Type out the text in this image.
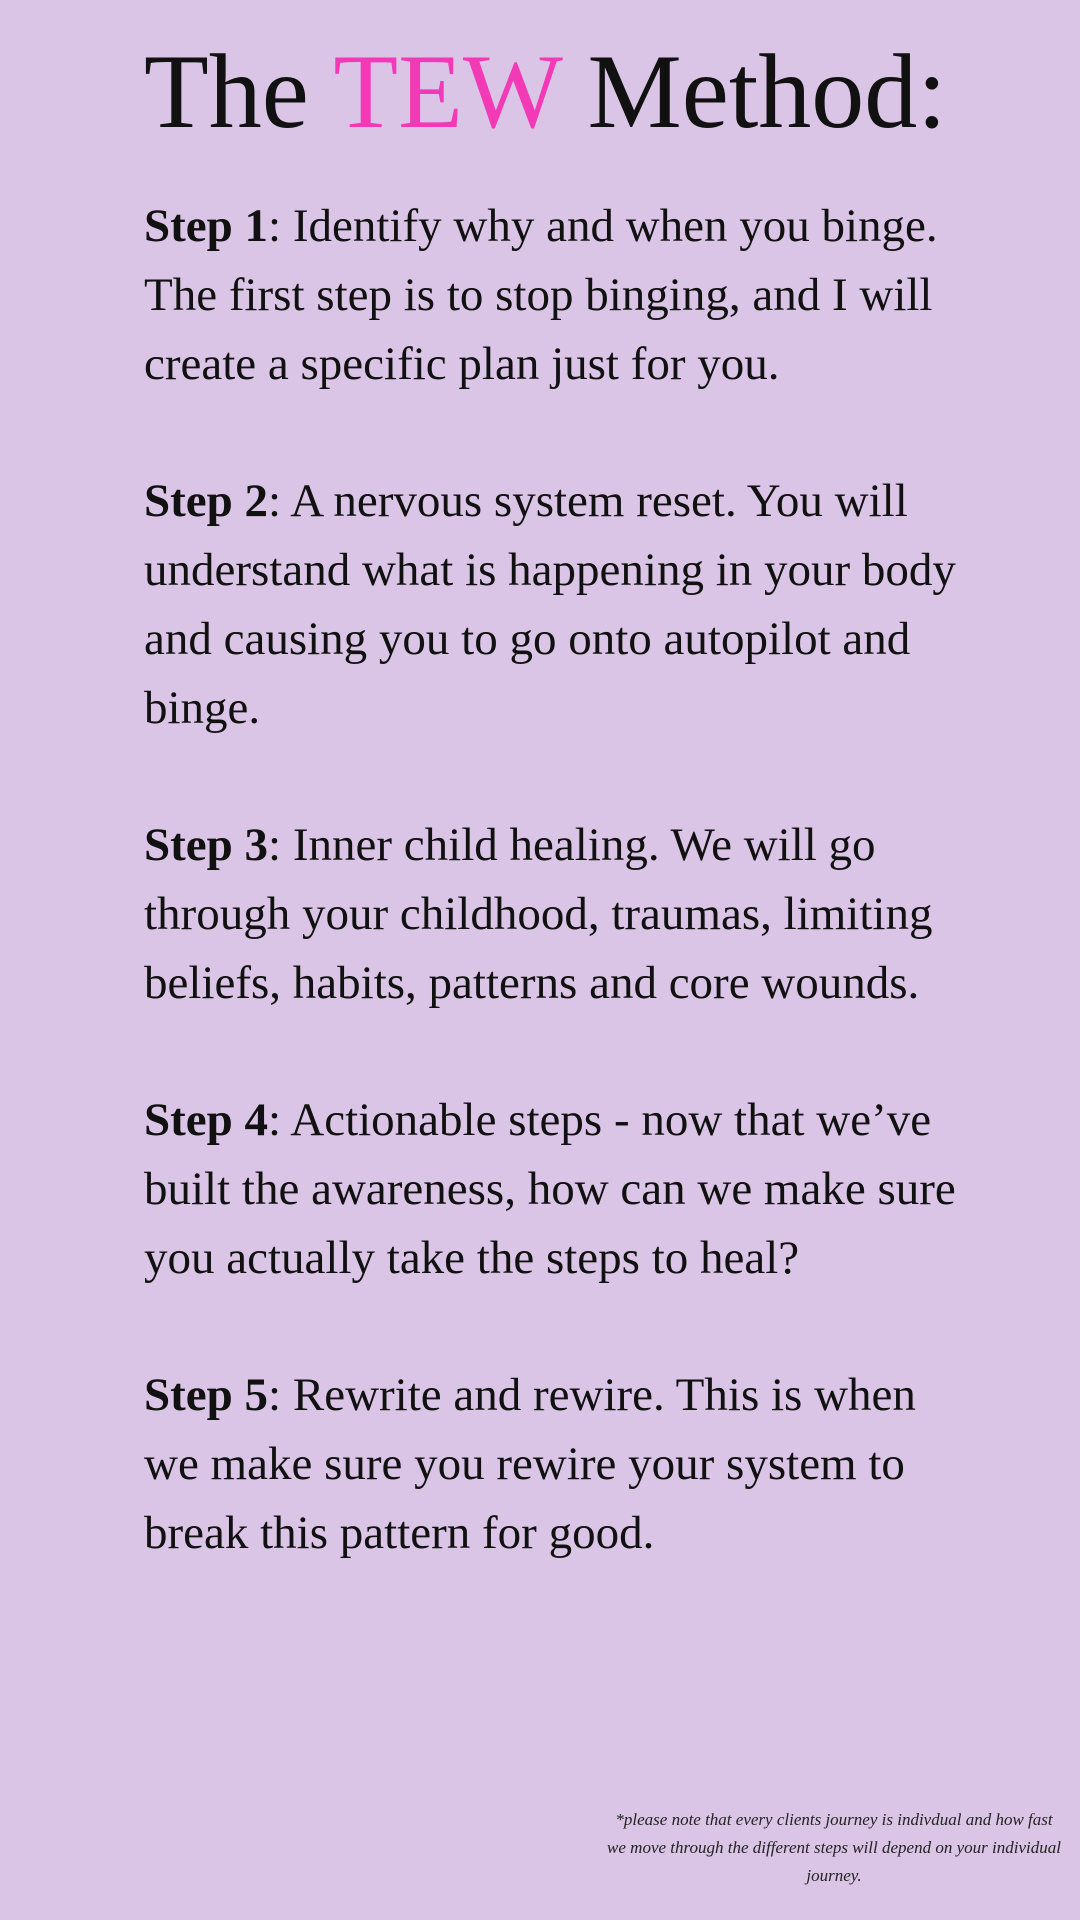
The TEW Method:

Step 1: Identify why and when you binge. The first step is to stop binging, and I will create a specific plan just for you.

Step 2: A nervous system reset. You will understand what is happening in your body and causing you to go onto autopilot and binge.

Step 3: Inner child healing. We will go through your childhood, traumas, limiting beliefs, habits, patterns and core wounds.

Step 4: Actionable steps - now that we’ve built the awareness, how can we make sure you actually take the steps to heal?

Step 5: Rewrite and rewire. This is when we make sure you rewire your system to break this pattern for good.

*please note that every clients journey is indivdual and how fast we move through the different steps will depend on your individual journey.
